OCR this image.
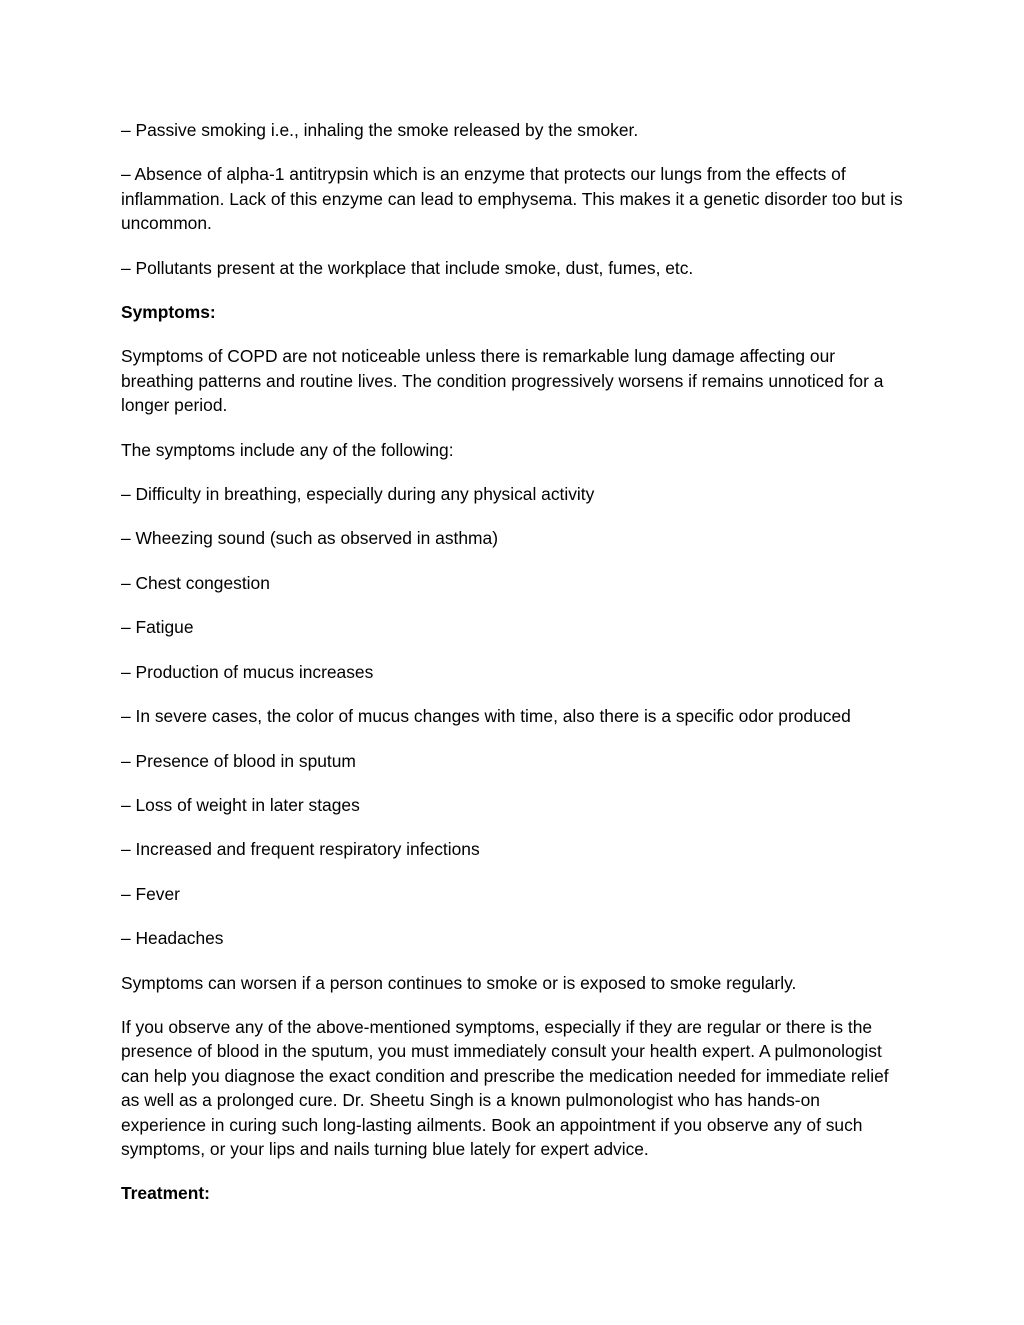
– Passive smoking i.e., inhaling the smoke released by the smoker.

– Absence of alpha-1 antitrypsin which is an enzyme that protects our lungs from the effects of inflammation. Lack of this enzyme can lead to emphysema. This makes it a genetic disorder too but is uncommon.

– Pollutants present at the workplace that include smoke, dust, fumes, etc.

Symptoms:

Symptoms of COPD are not noticeable unless there is remarkable lung damage affecting our breathing patterns and routine lives. The condition progressively worsens if remains unnoticed for a longer period.

The symptoms include any of the following:

– Difficulty in breathing, especially during any physical activity

– Wheezing sound (such as observed in asthma)

– Chest congestion

– Fatigue

– Production of mucus increases

– In severe cases, the color of mucus changes with time, also there is a specific odor produced

– Presence of blood in sputum

– Loss of weight in later stages

– Increased and frequent respiratory infections

– Fever

– Headaches

Symptoms can worsen if a person continues to smoke or is exposed to smoke regularly.

If you observe any of the above-mentioned symptoms, especially if they are regular or there is the presence of blood in the sputum, you must immediately consult your health expert. A pulmonologist can help you diagnose the exact condition and prescribe the medication needed for immediate relief as well as a prolonged cure. Dr. Sheetu Singh is a known pulmonologist who has hands-on experience in curing such long-lasting ailments. Book an appointment if you observe any of such symptoms, or your lips and nails turning blue lately for expert advice.

Treatment:
